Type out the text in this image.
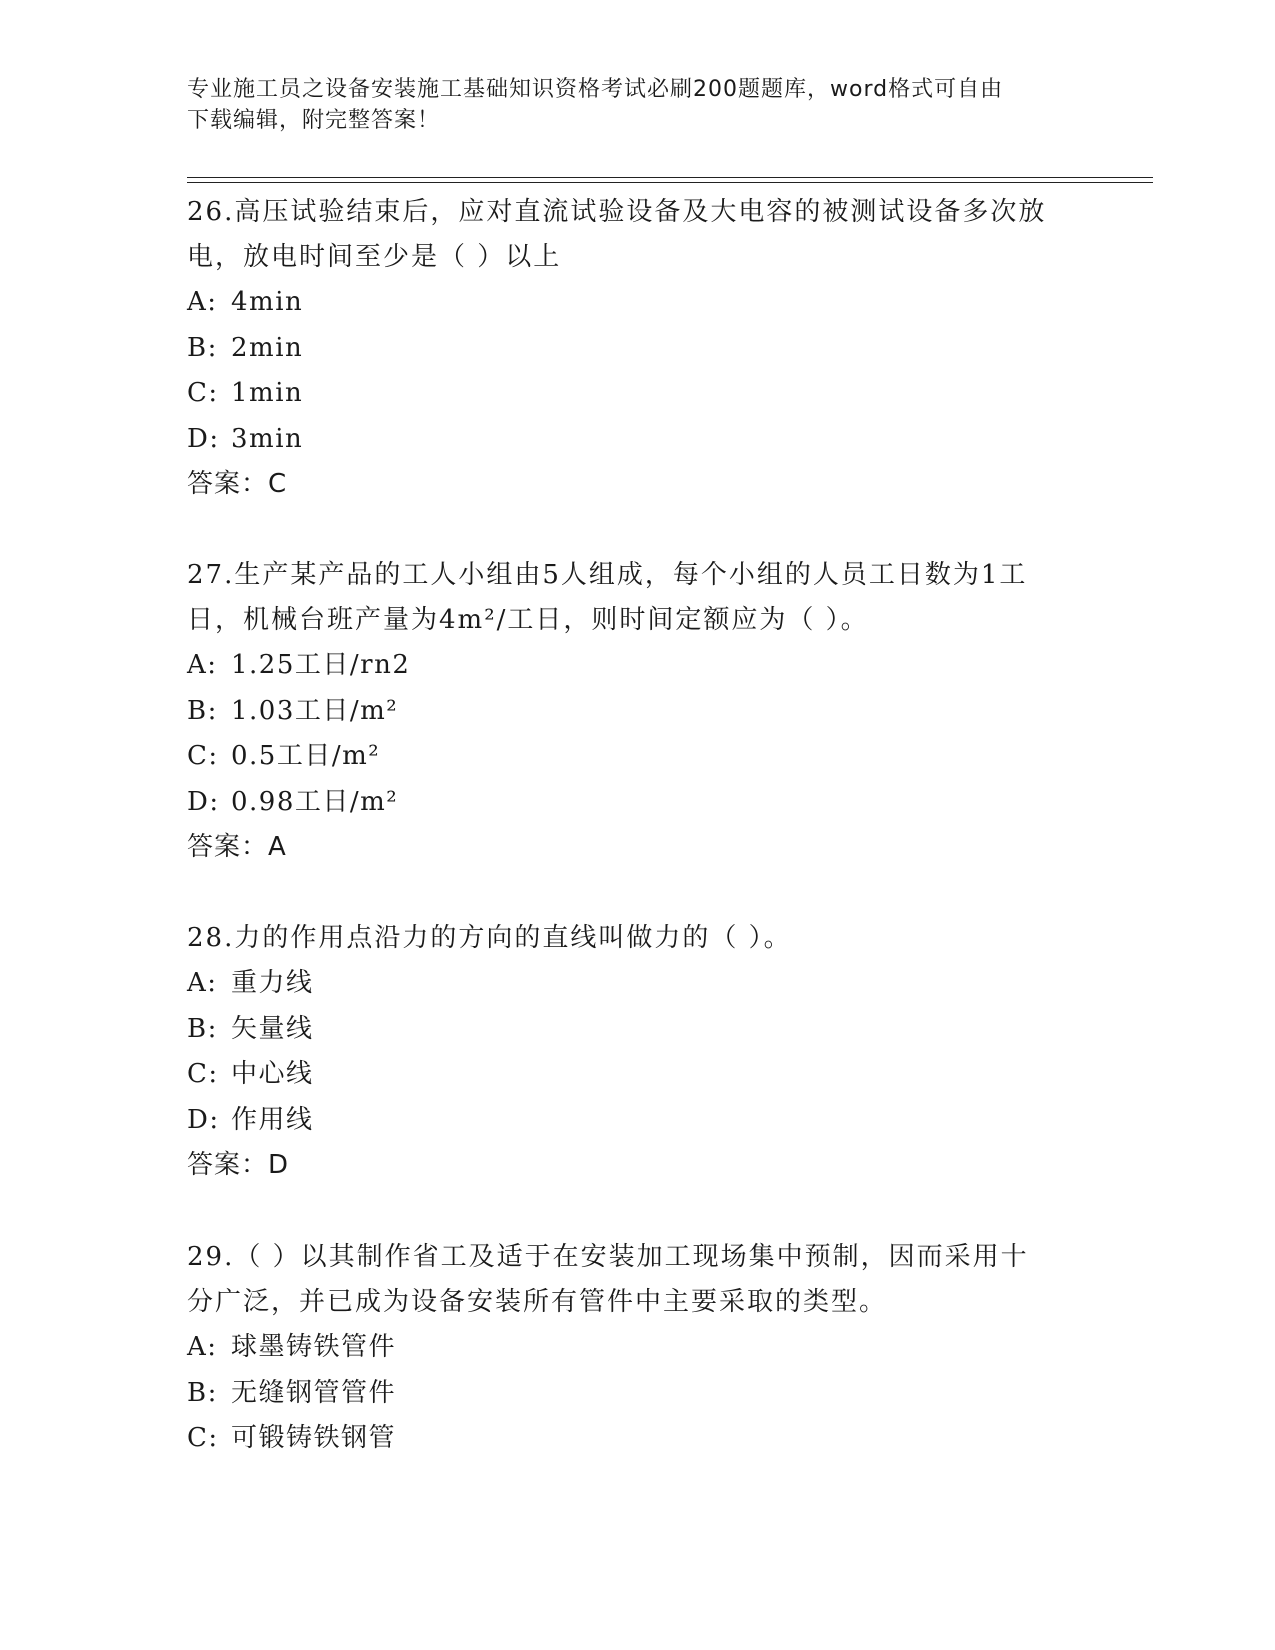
专业施工员之设备安装施工基础知识资格考试必刷200题题库，word格式可自由
下载编辑，附完整答案！
26.高压试验结束后，应对直流试验设备及大电容的被测试设备多次放
电，放电时间至少是（ ）以上
A: 4min
B: 2min
C: 1min
D: 3min
答案：C
27.生产某产品的工人小组由5人组成，每个小组的人员工日数为1工
日，机械台班产量为4m²/工日，则时间定额应为（ ）。
A: 1.25工日/rn2
B: 1.03工日/m²
C: 0.5工日/m²
D: 0.98工日/m²
答案：A
28.力的作用点沿力的方向的直线叫做力的（ ）。
A: 重力线
B: 矢量线
C: 中心线
D: 作用线
答案：D
29.（ ）以其制作省工及适于在安装加工现场集中预制，因而采用十
分广泛，并已成为设备安装所有管件中主要采取的类型。
A: 球墨铸铁管件
B: 无缝钢管管件
C: 可锻铸铁钢管
